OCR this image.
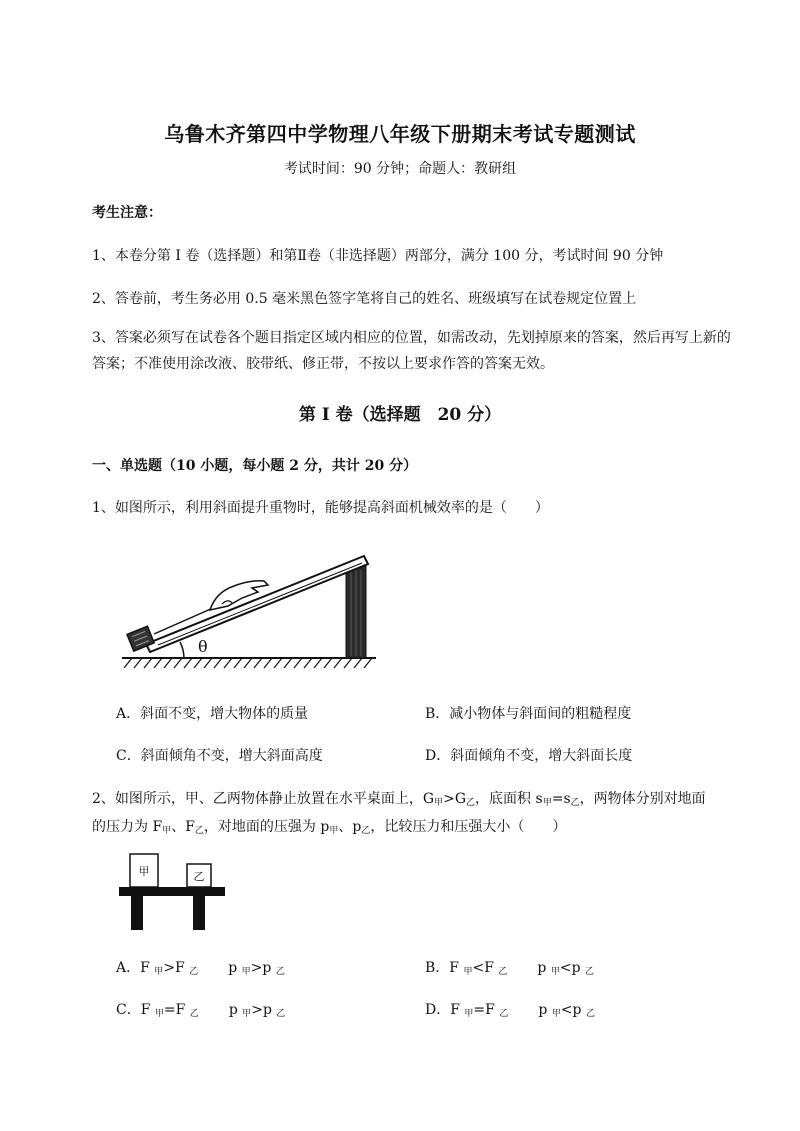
乌鲁木齐第四中学物理八年级下册期末考试专题测试
考试时间：90 分钟；命题人：教研组
考生注意：
1、本卷分第 I 卷（选择题）和第Ⅱ卷（非选择题）两部分，满分 100 分，考试时间 90 分钟
2、答卷前，考生务必用 0.5 毫米黑色签字笔将自己的姓名、班级填写在试卷规定位置上
3、答案必须写在试卷各个题目指定区域内相应的位置，如需改动，先划掉原来的答案，然后再写上新的答案；不准使用涂改液、胶带纸、修正带，不按以上要求作答的答案无效。
第 I 卷（选择题　20 分）
一、单选题（10 小题，每小题 2 分，共计 20 分）
1、如图所示，利用斜面提升重物时，能够提高斜面机械效率的是（　　）
θ
A．斜面不变，增大物体的质量	B．减小物体与斜面间的粗糙程度
C．斜面倾角不变，增大斜面高度	D．斜面倾角不变，增大斜面长度
2、如图所示，甲、乙两物体静止放置在水平桌面上，$G_甲>G_乙$，底面积 $s_甲=s_乙$，两物体分别对地面
的压力为 $F_甲$、$F_乙$，对地面的压强为 $p_甲$、$p_乙$，比较压力和压强大小（　　）
甲	乙
A．F $_甲$>F $_乙$ p $_甲$>p $_乙$	B．F $_甲$<F $_乙$ p $_甲$<p $_乙$
C．F $_甲$=F $_乙$ p $_甲$>p $_乙$	D．F $_甲$=F $_乙$ p $_甲$<p $_乙$
